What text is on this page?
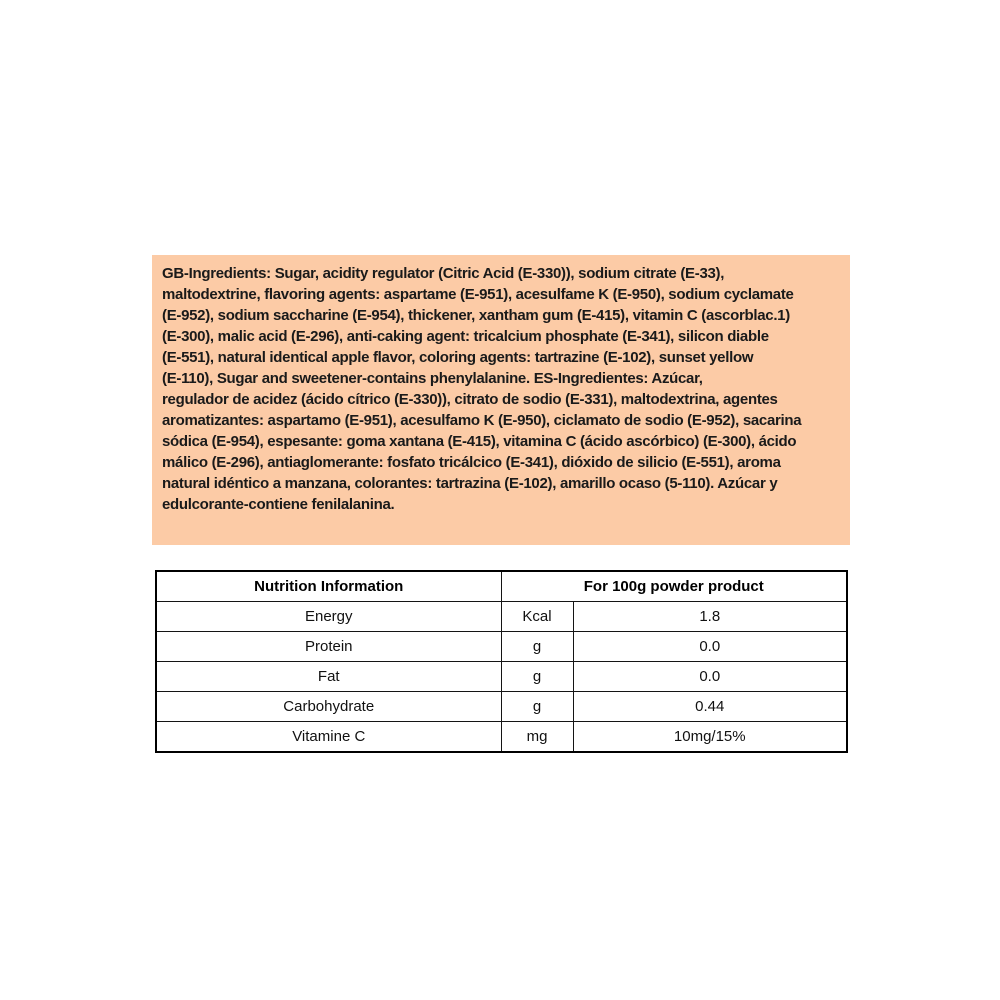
GB-Ingredients: Sugar, acidity regulator (Citric Acid (E-330)), sodium citrate (E-33),
maltodextrine, flavoring agents: aspartame (E-951), acesulfame K (E-950), sodium cyclamate
(E-952), sodium saccharine (E-954), thickener, xantham gum (E-415), vitamin C (ascorblac.1)
(E-300), malic acid (E-296), anti-caking agent: tricalcium phosphate (E-341), silicon diable
(E-551), natural identical apple flavor, coloring agents: tartrazine (E-102), sunset yellow
(E-110), Sugar and sweetener-contains phenylalanine. ES-Ingredientes: Azúcar,
regulador de acidez (ácido cítrico (E-330)), citrato de sodio (E-331), maltodextrina, agentes
aromatizantes: aspartamo (E-951), acesulfamo K (E-950), ciclamato de sodio (E-952), sacarina
sódica (E-954), espesante: goma xantana (E-415), vitamina C (ácido ascórbico) (E-300), ácido
málico (E-296), antiaglomerante: fosfato tricálcico (E-341), dióxido de silicio (E-551), aroma
natural idéntico a manzana, colorantes: tartrazina (E-102), amarillo ocaso (5-110). Azúcar y
edulcorante-contiene fenilalanina.
Nutrition Information	For 100g powder product	
Energy	Kcal	1.8
Protein	g	0.0
Fat	g	0.0
Carbohydrate	g	0.44
Vitamine C	mg	10mg/15%
